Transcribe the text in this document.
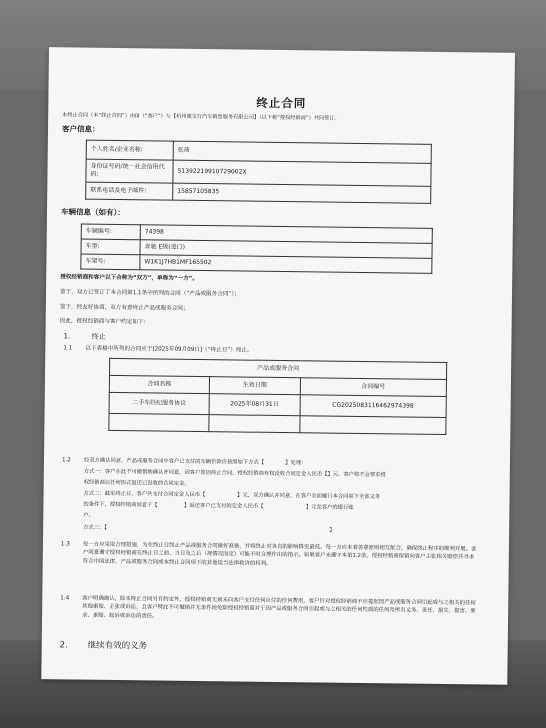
终止合同
本终止合同（本“终止合同”）由íá（“客户”）与【杭州骏宝行汽车销售服务有限公司】（以下称“授权经销商”）共同签订。
客户信息：
个人姓名/企业名称:	张琦
身份证号码/统一社会信用代码:	51392219910729002X
联系电话及电子邮件:	15857105835
车辆信息（如有）：
车辆编号:	74398
车型:	奔驰 E级(进口)
车架号:	W1K1J7HB1MF165502
授权经销商和客户以下合称为“双方”，单称为“一方”。
鉴于，双方已签订了本合同第1.1条中所列的合同（“产品或服务合同”）；
鉴于，经友好协商，双方有意终止产品或服务合同；
因此，授权经销商与客户约定如下：
1.	终止
1.1 以下表格中所列的合同应于[2025年09月09日]（“终止日”）终止。
产品或服务合同		
合同名称	生效日期	合同编号
二手车经纪服务协议	2025年08月31日	CG2025083116462974398

1.2 经双方确认同意，产品或服务合同中客户已支付的车辆价款应按照如下方式【　　　　】处理：
方式一：客户在此不可撤销地确认并同意，因客户原因终止合同，授权经销商有权没收合同定金人民币【】元。客户将不会要求授
权经销商以任何形式返还已没收的合同定金。
方式二：截至终止日，客户共支付合同定金人民币【　　　　　　】元，双方确认并同意，在客户全面履行本合同项下全部义务
的条件下，授权经销商同意于【　　　　　】返还客户已支付的定金人民币【　　　　　　　　】元至客户的银行账
户。
方式三：【　　　　　　　　　　　　　　　　　　　　　　　　　　　　　　　　　　　　　　　　　　】
1.3 每一方应采取合理措施，为在终止日终止产品或服务合同做好准备，并将终止对各自的影响降至最低。每一方应本着善意原则相互配合，确保终止程序的顺利开展。客户同意遵守授权经销商在终止日之前、当日及之后（视情况而定）可能不时合理作出的指示。如果客户未遵守本第1.2条，授权经销商保留向客户主张相关赔偿并寻求符合中国法律、产品或服务合同或本终止合同项下的其他适当法律救济的权利。
1.4 客户明确确认，除本终止合同另有约定外，授权经销商无须未向客户支付任何应付的任何费用，客户针对授权经销商不应提起因产品或服务合同引起或与之相关的任何其他索赔、主张或诉讼，且客户特此不可撤销并无条件地免除授权经销商对于因产品或服务合同引起或与之相关的任何性质的任何及所有义务、责任、损失、损害、要求、索赔、起诉或诉讼的责任。
2. 继续有效的义务
